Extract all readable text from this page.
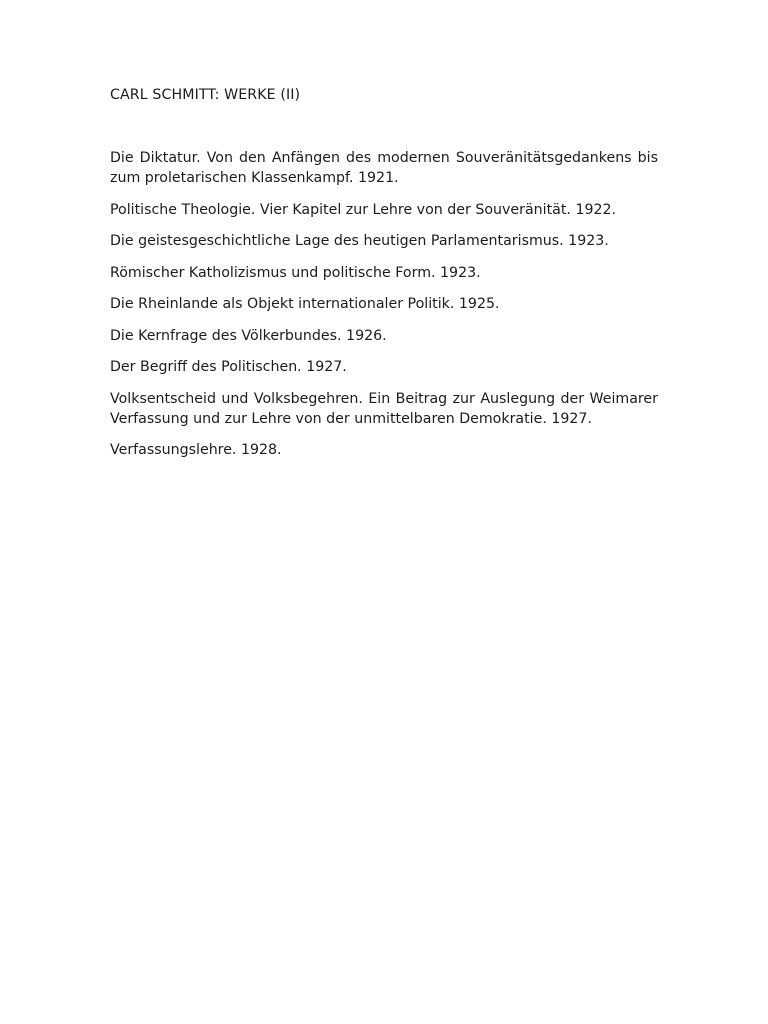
CARL SCHMITT: WERKE (II)

Die Diktatur. Von den Anfängen des modernen Souveränitätsgedankens bis zum proletarischen Klassenkampf. 1921.

Politische Theologie. Vier Kapitel zur Lehre von der Souveränität. 1922.

Die geistesgeschichtliche Lage des heutigen Parlamentarismus. 1923.

Römischer Katholizismus und politische Form. 1923.

Die Rheinlande als Objekt internationaler Politik. 1925.

Die Kernfrage des Völkerbundes. 1926.

Der Begriff des Politischen. 1927.

Volksentscheid und Volksbegehren. Ein Beitrag zur Auslegung der Weimarer Verfassung und zur Lehre von der unmittelbaren Demokratie. 1927.

Verfassungslehre. 1928.
